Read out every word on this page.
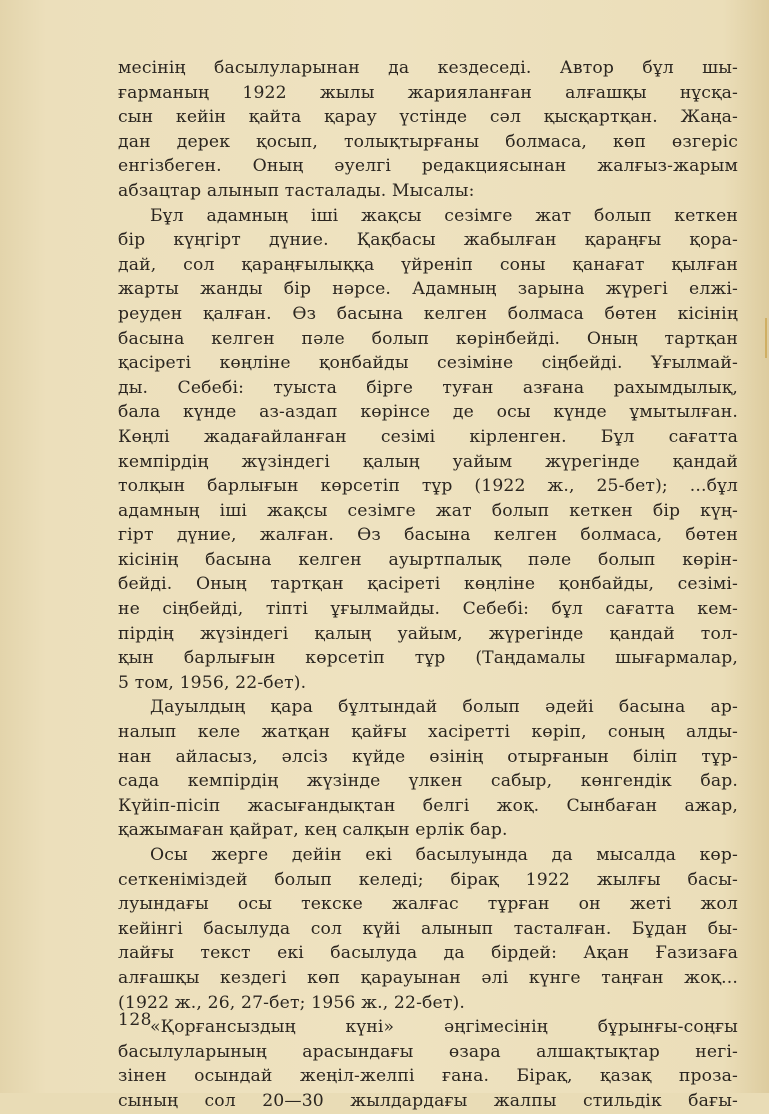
месінің басылуларынан да кездеседі. Автор бұл шы-
ғарманың 1922 жылы жарияланған алғашқы нұсқа-
сын кейін қайта қарау үстінде сәл қысқартқан. Жаңа-
дан дерек қосып, толықтырғаны болмаса, көп өзгеріс
енгізбеген. Оның әуелгі редакциясынан жалғыз-жарым
абзацтар алынып тасталады. Мысалы:
Бұл адамның іші жақсы сезімге жат болып кеткен
бір күңгірт дүние. Қақбасы жабылған қараңғы қора-
дай, сол қараңғылыққа үйреніп соны қанағат қылған
жарты жанды бір нәрсе. Адамның зарына жүрегі елжі-
реуден қалған. Өз басына келген болмаса бөтен кісінің
басына келген пәле болып көрінбейді. Оның тартқан
қасіреті көңліне қонбайды сезіміне сіңбейді. Ұғылмай-
ды. Себебі: туыста бірге туған азғана рахымдылық,
бала күнде аз-аздап көрінсе де осы күнде ұмытылған.
Көңлі жадағайланған сезімі кірленген. Бұл сағатта
кемпірдің жүзіндегі қалың уайым жүрегінде қандай
толқын барлығын көрсетіп тұр (1922 ж., 25-бет); ...бұл
адамның іші жақсы сезімге жат болып кеткен бір күң-
гірт дүние, жалған. Өз басына келген болмаса, бөтен
кісінің басына келген ауыртпалық пәле болып көрін-
бейді. Оның тартқан қасіреті көңліне қонбайды, сезімі-
не сіңбейді, тіпті ұғылмайды. Себебі: бұл сағатта кем-
пірдің жүзіндегі қалың уайым, жүрегінде қандай тол-
қын барлығын көрсетіп тұр (Таңдамалы шығармалар,
5 том, 1956, 22-бет).
Дауылдың қара бұлтындай болып әдейі басына ар-
налып келе жатқан қайғы хасіретті көріп, соның алды-
нан айласыз, әлсіз күйде өзінің отырғанын біліп тұр-
сада кемпірдің жүзінде үлкен сабыр, көнгендік бар.
Күйіп-пісіп жасығандықтан белгі жоқ. Сынбаған ажар,
қажымаған қайрат, кең салқын ерлік бар.
Осы жерге дейін екі басылуында да мысалда көр-
сеткеніміздей болып келеді; бірақ 1922 жылғы басы-
луындағы осы текске жалғас тұрған он жеті жол
кейінгі басылуда сол күйі алынып тасталған. Бұдан бы-
лайғы текст екі басылуда да бірдей: Ақан Ғазизаға
алғашқы кездегі көп қарауынан әлі күнге таңған жоқ...
(1922 ж., 26, 27-бет; 1956 ж., 22-бет).
«Қорғансыздың күні» әңгімесінің бұрынғы-соңғы
басылуларының арасындағы өзара алшақтықтар негі-
зінен осындай жеңіл-желпі ғана. Бірақ, қазақ проза-
сының сол 20—30 жылдардағы жалпы стильдік бағы-
128
